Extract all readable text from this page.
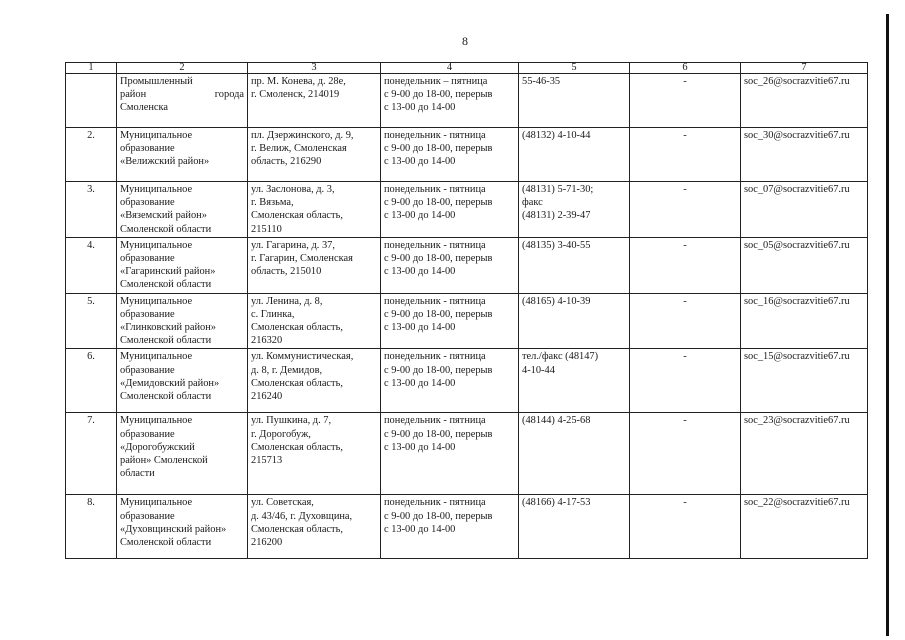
8
1	2	3	4	5	6	7

	Промышленный
район города
Смоленска	пр. М. Конева, д. 28е,
г. Смоленск, 214019	понедельник – пятница
с 9-00 до 18-00, перерыв
с 13-00 до 14-00	55-46-35	-	soc_26@socrazvitie67.ru

2.	Муниципальное
образование
«Велижский район»	пл. Дзержинского, д. 9,
г. Велиж, Смоленская
область, 216290	понедельник - пятница
с 9-00 до 18-00, перерыв
с 13-00 до 14-00	(48132) 4-10-44	-	soc_30@socrazvitie67.ru

3.	Муниципальное
образование
«Вяземский район»
Смоленской области	ул. Заслонова, д. 3,
г. Вязьма,
Смоленская область,
215110	понедельник - пятница
с 9-00 до 18-00, перерыв
с 13-00 до 14-00	(48131) 5-71-30;
факс
(48131) 2-39-47	-	soc_07@socrazvitie67.ru

4.	Муниципальное
образование
«Гагаринский район»
Смоленской области	ул. Гагарина, д. 37,
г. Гагарин, Смоленская
область, 215010	понедельник - пятница
с 9-00 до 18-00, перерыв
с 13-00 до 14-00	(48135) 3-40-55	-	soc_05@socrazvitie67.ru

5.	Муниципальное
образование
«Глинковский район»
Смоленской области	ул. Ленина, д. 8,
с. Глинка,
Смоленская область,
216320	понедельник - пятница
с 9-00 до 18-00, перерыв
с 13-00 до 14-00	(48165) 4-10-39	-	soc_16@socrazvitie67.ru

6.	Муниципальное
образование
«Демидовский район»
Смоленской области	ул. Коммунистическая,
д. 8, г. Демидов,
Смоленская область,
216240	понедельник - пятница
с 9-00 до 18-00, перерыв
с 13-00 до 14-00	тел./факс (48147)
4-10-44	-	soc_15@socrazvitie67.ru

7.	Муниципальное
образование
«Дорогобужский
район» Смоленской
области	ул. Пушкина, д. 7,
г. Дорогобуж,
Смоленская область,
215713	понедельник - пятница
с 9-00 до 18-00, перерыв
с 13-00 до 14-00	(48144) 4-25-68	-	soc_23@socrazvitie67.ru

8.	Муниципальное
образование
«Духовщинский район»
Смоленской области	ул. Советская,
д. 43/46, г. Духовщина,
Смоленская область,
216200	понедельник - пятница
с 9-00 до 18-00, перерыв
с 13-00 до 14-00	(48166) 4-17-53	-	soc_22@socrazvitie67.ru
